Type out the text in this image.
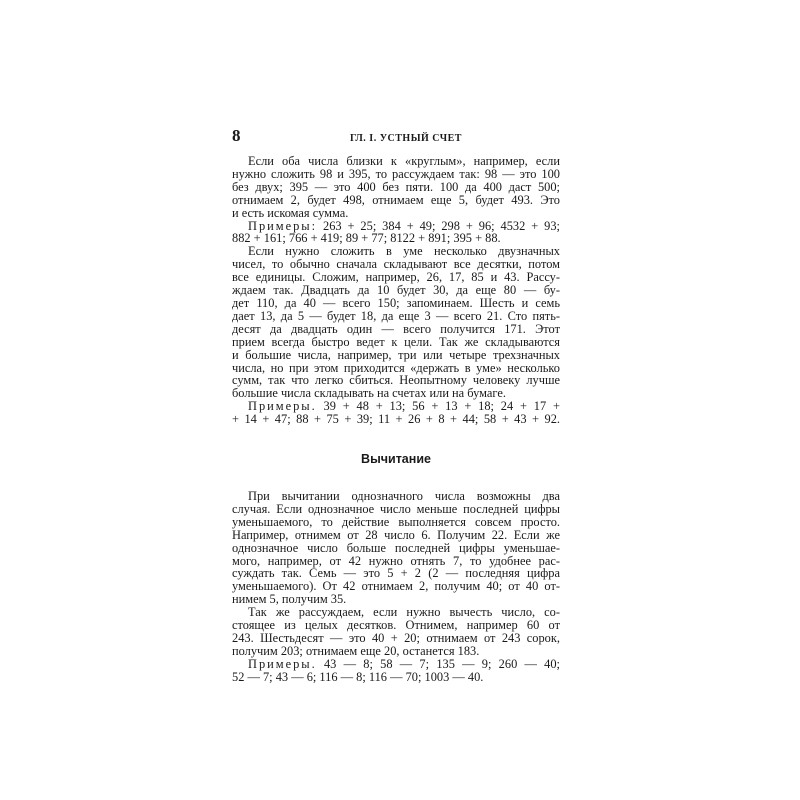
8	ГЛ. I. УСТНЫЙ СЧЕТ

Если оба числа близки к «круглым», например, если
нужно сложить 98 и 395, то рассуждаем так: 98 — это 100
без двух; 395 — это 400 без пяти. 100 да 400 даст 500;
отнимаем 2, будет 498, отнимаем еще 5, будет 493. Это
и есть искомая сумма.

Примеры: 263 + 25; 384 + 49; 298 + 96; 4532 + 93;
882 + 161; 766 + 419; 89 + 77; 8122 + 891; 395 + 88.

Если нужно сложить в уме несколько двузначных
чисел, то обычно сначала складывают все десятки, потом
все единицы. Сложим, например, 26, 17, 85 и 43. Рассу-
ждаем так. Двадцать да 10 будет 30, да еще 80 — бу-
дет 110, да 40 — всего 150; запоминаем. Шесть и семь
дает 13, да 5 — будет 18, да еще 3 — всего 21. Сто пять-
десят да двадцать один — всего получится 171. Этот
прием всегда быстро ведет к цели. Так же складываются
и большие числа, например, три или четыре трехзначных
числа, но при этом приходится «держать в уме» несколько
сумм, так что легко сбиться. Неопытному человеку лучше
большие числа складывать на счетах или на бумаге.

Примеры. 39 + 48 + 13; 56 + 13 + 18; 24 + 17 +
+ 14 + 47; 88 + 75 + 39; 11 + 26 + 8 + 44; 58 + 43 + 92.

Вычитание

При вычитании однозначного числа возможны два
случая. Если однозначное число меньше последней цифры
уменьшаемого, то действие выполняется совсем просто.
Например, отнимем от 28 число 6. Получим 22. Если же
однозначное число больше последней цифры уменьшае-
мого, например, от 42 нужно отнять 7, то удобнее рас-
суждать так. Семь — это 5 + 2 (2 — последняя цифра
уменьшаемого). От 42 отнимаем 2, получим 40; от 40 от-
нимем 5, получим 35.

Так же рассуждаем, если нужно вычесть число, со-
стоящее из целых десятков. Отнимем, например 60 от
243. Шестьдесят — это 40 + 20; отнимаем от 243 сорок,
получим 203; отнимаем еще 20, останется 183.

Примеры. 43 — 8; 58 — 7; 135 — 9; 260 — 40;
52 — 7; 43 — 6; 116 — 8; 116 — 70; 1003 — 40.
